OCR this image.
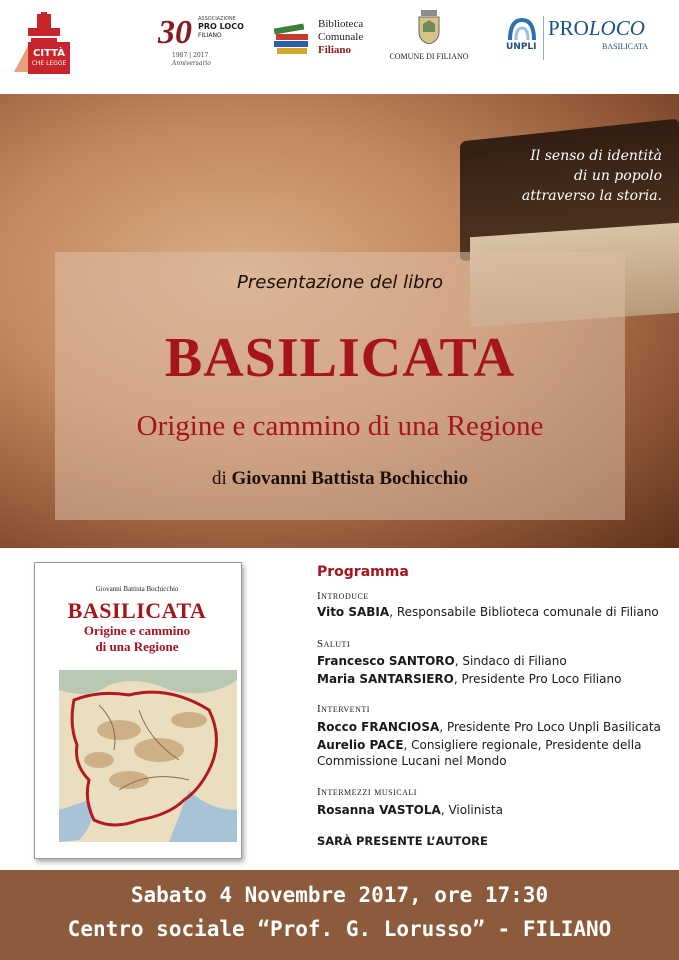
CITTÀ
CHE LEGGE
30 ASSOCIAZIONE
PRO LOCO
FILIANO
1987 | 2017
Anniversario
Biblioteca
Comunale
Filiano
COMUNE DI FILIANO
UNPLI
PROLOCO
BASILICATA
Il senso di identità
di un popolo
attraverso la storia.
Presentazione del libro
BASILICATA
Origine e cammino di una Regione
di Giovanni Battista Bochicchio
Giovanni Battista Bochicchio
BASILICATA
Origine e cammino
di una Regione
Programma
Introduce
Vito SABIA, Responsabile Biblioteca comunale di Filiano
Saluti
Francesco SANTORO, Sindaco di Filiano
Maria SANTARSIERO, Presidente Pro Loco Filiano
Interventi
Rocco FRANCIOSA, Presidente Pro Loco Unpli Basilicata
Aurelio PACE, Consigliere regionale, Presidente della
Commissione Lucani nel Mondo
Intermezzi musicali
Rosanna VASTOLA, Violinista
SARÀ PRESENTE L’AUTORE
Sabato 4 Novembre 2017, ore 17:30
Centro sociale “Prof. G. Lorusso” - FILIANO
